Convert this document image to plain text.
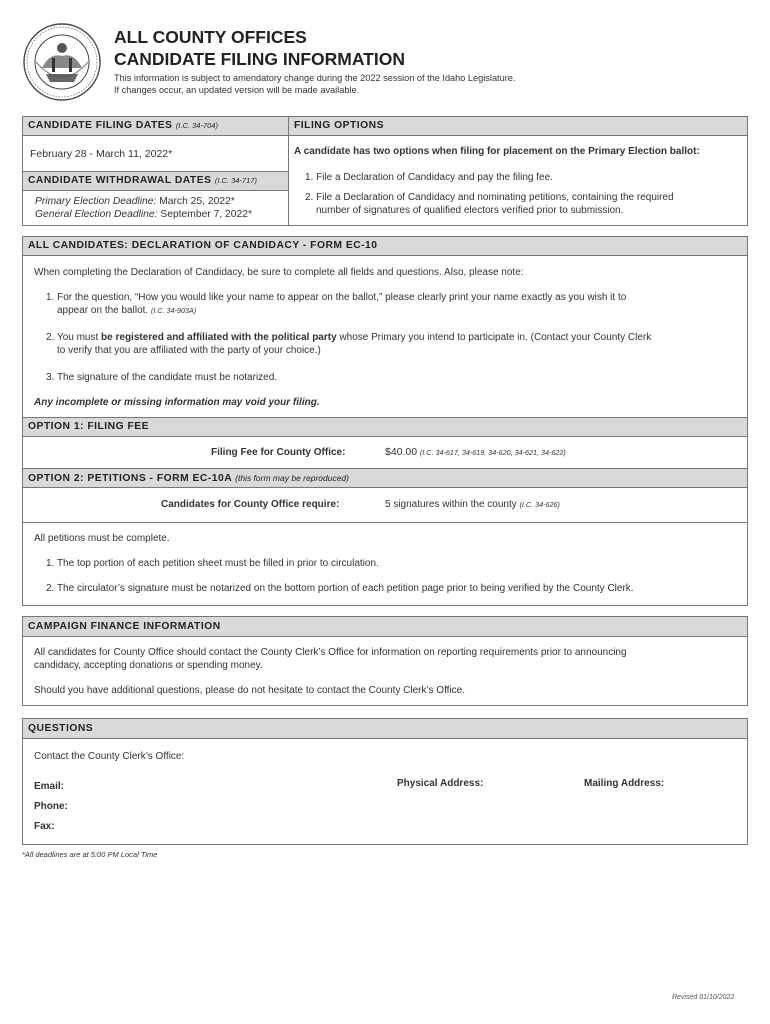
ALL COUNTY OFFICES
CANDIDATE FILING INFORMATION
This information is subject to amendatory change during the 2022 session of the Idaho Legislature.
If changes occur, an updated version will be made available.
CANDIDATE FILING DATES (I.C. 34-704)	FILING OPTIONS
February 28 - March 11, 2022*
CANDIDATE WITHDRAWAL DATES (I.C. 34-717)
Primary Election Deadline: March 25, 2022*
General Election Deadline: September 7, 2022*
A candidate has two options when filing for placement on the Primary Election ballot:
1. File a Declaration of Candidacy and pay the filing fee.
2. File a Declaration of Candidacy and nominating petitions, containing the required
number of signatures of qualified electors verified prior to submission.
ALL CANDIDATES: DECLARATION OF CANDIDACY - FORM EC-10
When completing the Declaration of Candidacy, be sure to complete all fields and questions. Also, please note:
1. For the question, “How you would like your name to appear on the ballot,” please clearly print your name exactly as you wish it to
appear on the ballot. (I.C. 34-903A)
2. You must be registered and affiliated with the political party whose Primary you intend to participate in. (Contact your County Clerk
to verify that you are affiliated with the party of your choice.)
3. The signature of the candidate must be notarized.
Any incomplete or missing information may void your filing.
OPTION 1: FILING FEE
Filing Fee for County Office:	$40.00 (I.C. 34-617, 34-619, 34-620, 34-621, 34-622)
OPTION 2: PETITIONS - FORM EC-10A (this form may be reproduced)
Candidates for County Office require:	5 signatures within the county (I.C. 34-626)
All petitions must be complete.
1. The top portion of each petition sheet must be filled in prior to circulation.
2. The circulator’s signature must be notarized on the bottom portion of each petition page prior to being verified by the County Clerk.
CAMPAIGN FINANCE INFORMATION
All candidates for County Office should contact the County Clerk’s Office for information on reporting requirements prior to announcing
candidacy, accepting donations or spending money.
Should you have additional questions, please do not hesitate to contact the County Clerk’s Office.
QUESTIONS
Contact the County Clerk’s Office:
Email:
Phone:
Fax:
Physical Address:	Mailing Address:
*All deadlines are at 5:00 PM Local Time
Revised 01/10/2022
